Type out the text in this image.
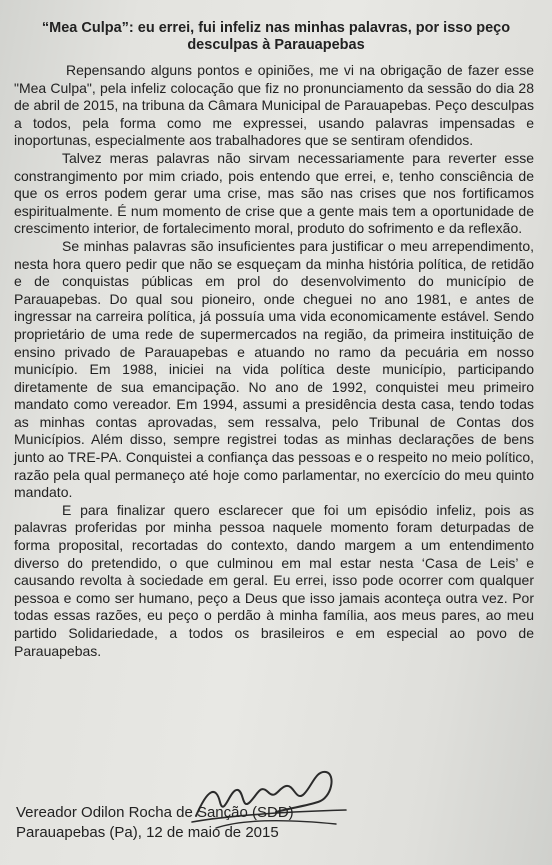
“Mea Culpa”: eu errei, fui infeliz nas minhas palavras, por isso peço desculpas à Parauapebas

Repensando alguns pontos e opiniões, me vi na obrigação de fazer esse "Mea Culpa", pela infeliz colocação que fiz no pronunciamento da sessão do dia 28 de abril de 2015, na tribuna da Câmara Municipal de Parauapebas. Peço desculpas a todos, pela forma como me expressei, usando palavras impensadas e inoportunas, especialmente aos trabalhadores que se sentiram ofendidos.

Talvez meras palavras não sirvam necessariamente para reverter esse constrangimento por mim criado, pois entendo que errei, e, tenho consciência de que os erros podem gerar uma crise, mas são nas crises que nos fortificamos espiritualmente. É num momento de crise que a gente mais tem a oportunidade de crescimento interior, de fortalecimento moral, produto do sofrimento e da reflexão.

Se minhas palavras são insuficientes para justificar o meu arrependimento, nesta hora quero pedir que não se esqueçam da minha história política, de retidão e de conquistas públicas em prol do desenvolvimento do município de Parauapebas. Do qual sou pioneiro, onde cheguei no ano 1981, e antes de ingressar na carreira política, já possuía uma vida economicamente estável. Sendo proprietário de uma rede de supermercados na região, da primeira instituição de ensino privado de Parauapebas e atuando no ramo da pecuária em nosso município. Em 1988, iniciei na vida política deste município, participando diretamente de sua emancipação. No ano de 1992, conquistei meu primeiro mandato como vereador. Em 1994, assumi a presidência desta casa, tendo todas as minhas contas aprovadas, sem ressalva, pelo Tribunal de Contas dos Municípios. Além disso, sempre registrei todas as minhas declarações de bens junto ao TRE-PA. Conquistei a confiança das pessoas e o respeito no meio político, razão pela qual permaneço até hoje como parlamentar, no exercício do meu quinto mandato.

E para finalizar quero esclarecer que foi um episódio infeliz, pois as palavras proferidas por minha pessoa naquele momento foram deturpadas de forma proposital, recortadas do contexto, dando margem a um entendimento diverso do pretendido, o que culminou em mal estar nesta ‘Casa de Leis’ e causando revolta à sociedade em geral. Eu errei, isso pode ocorrer com qualquer pessoa e como ser humano, peço a Deus que isso jamais aconteça outra vez. Por todas essas razões, eu peço o perdão à minha família, aos meus pares, ao meu partido Solidariedade, a todos os brasileiros e em especial ao povo de Parauapebas.

Vereador Odilon Rocha de Sanção (SDD)
Parauapebas (Pa), 12 de maio de 2015
